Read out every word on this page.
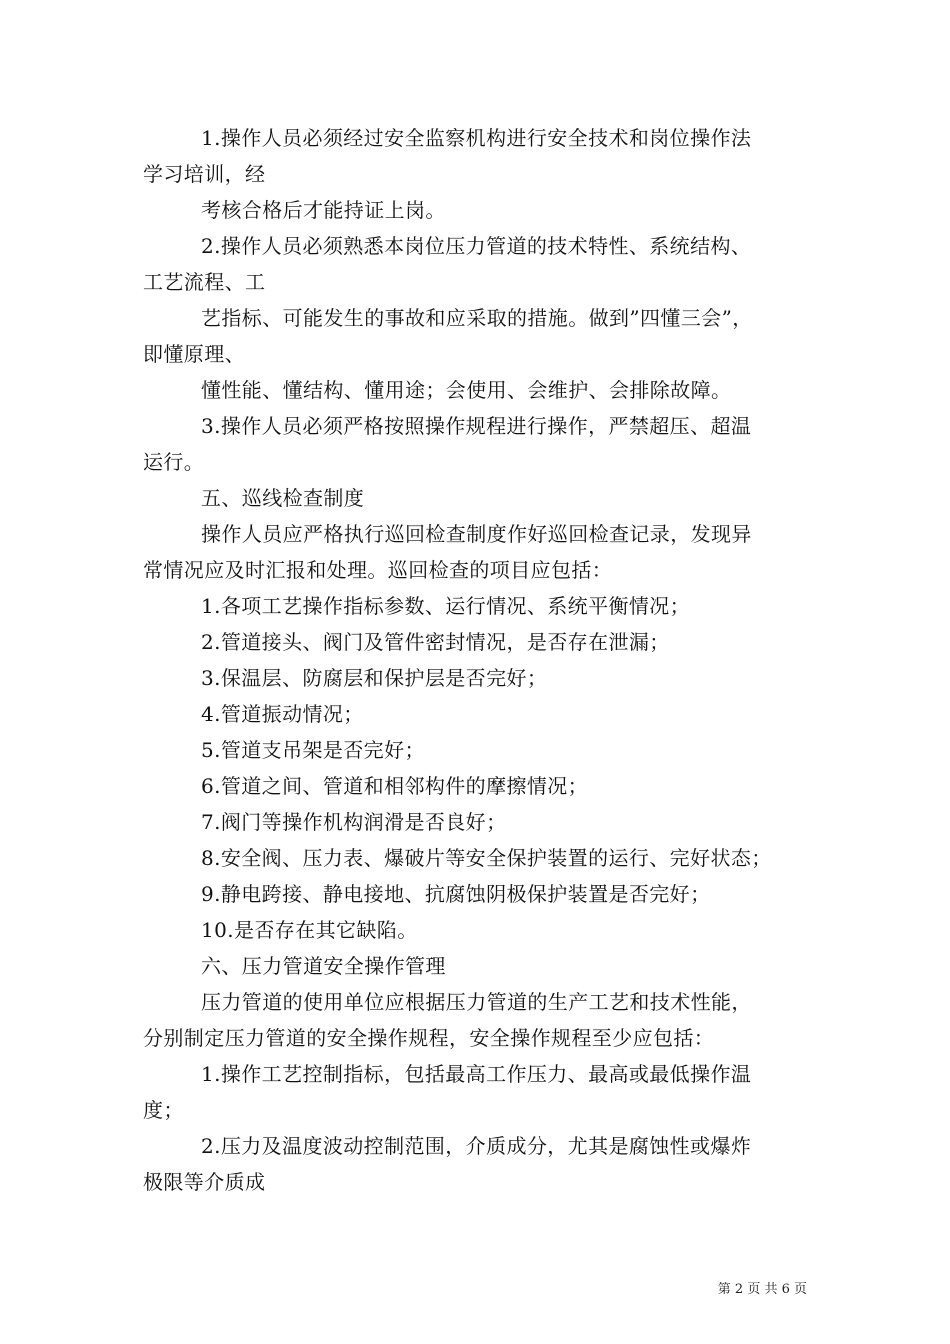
1.操作人员必须经过安全监察机构进行安全技术和岗位操作法
学习培训，经
考核合格后才能持证上岗。
2.操作人员必须熟悉本岗位压力管道的技术特性、系统结构、
工艺流程、工
艺指标、可能发生的事故和应采取的措施。做到”四懂三会”，
即懂原理、
懂性能、懂结构、懂用途；会使用、会维护、会排除故障。
3.操作人员必须严格按照操作规程进行操作，严禁超压、超温
运行。
五、巡线检查制度
操作人员应严格执行巡回检查制度作好巡回检查记录，发现异
常情况应及时汇报和处理。巡回检查的项目应包括：
1.各项工艺操作指标参数、运行情况、系统平衡情况；
2.管道接头、阀门及管件密封情况，是否存在泄漏；
3.保温层、防腐层和保护层是否完好；
4.管道振动情况；
5.管道支吊架是否完好；
6.管道之间、管道和相邻构件的摩擦情况；
7.阀门等操作机构润滑是否良好；
8.安全阀、压力表、爆破片等安全保护装置的运行、完好状态；
9.静电跨接、静电接地、抗腐蚀阴极保护装置是否完好；
10.是否存在其它缺陷。
六、压力管道安全操作管理
压力管道的使用单位应根据压力管道的生产工艺和技术性能，
分别制定压力管道的安全操作规程，安全操作规程至少应包括：
1.操作工艺控制指标，包括最高工作压力、最高或最低操作温
度；
2.压力及温度波动控制范围，介质成分，尤其是腐蚀性或爆炸
极限等介质成
第 2 页 共 6 页
